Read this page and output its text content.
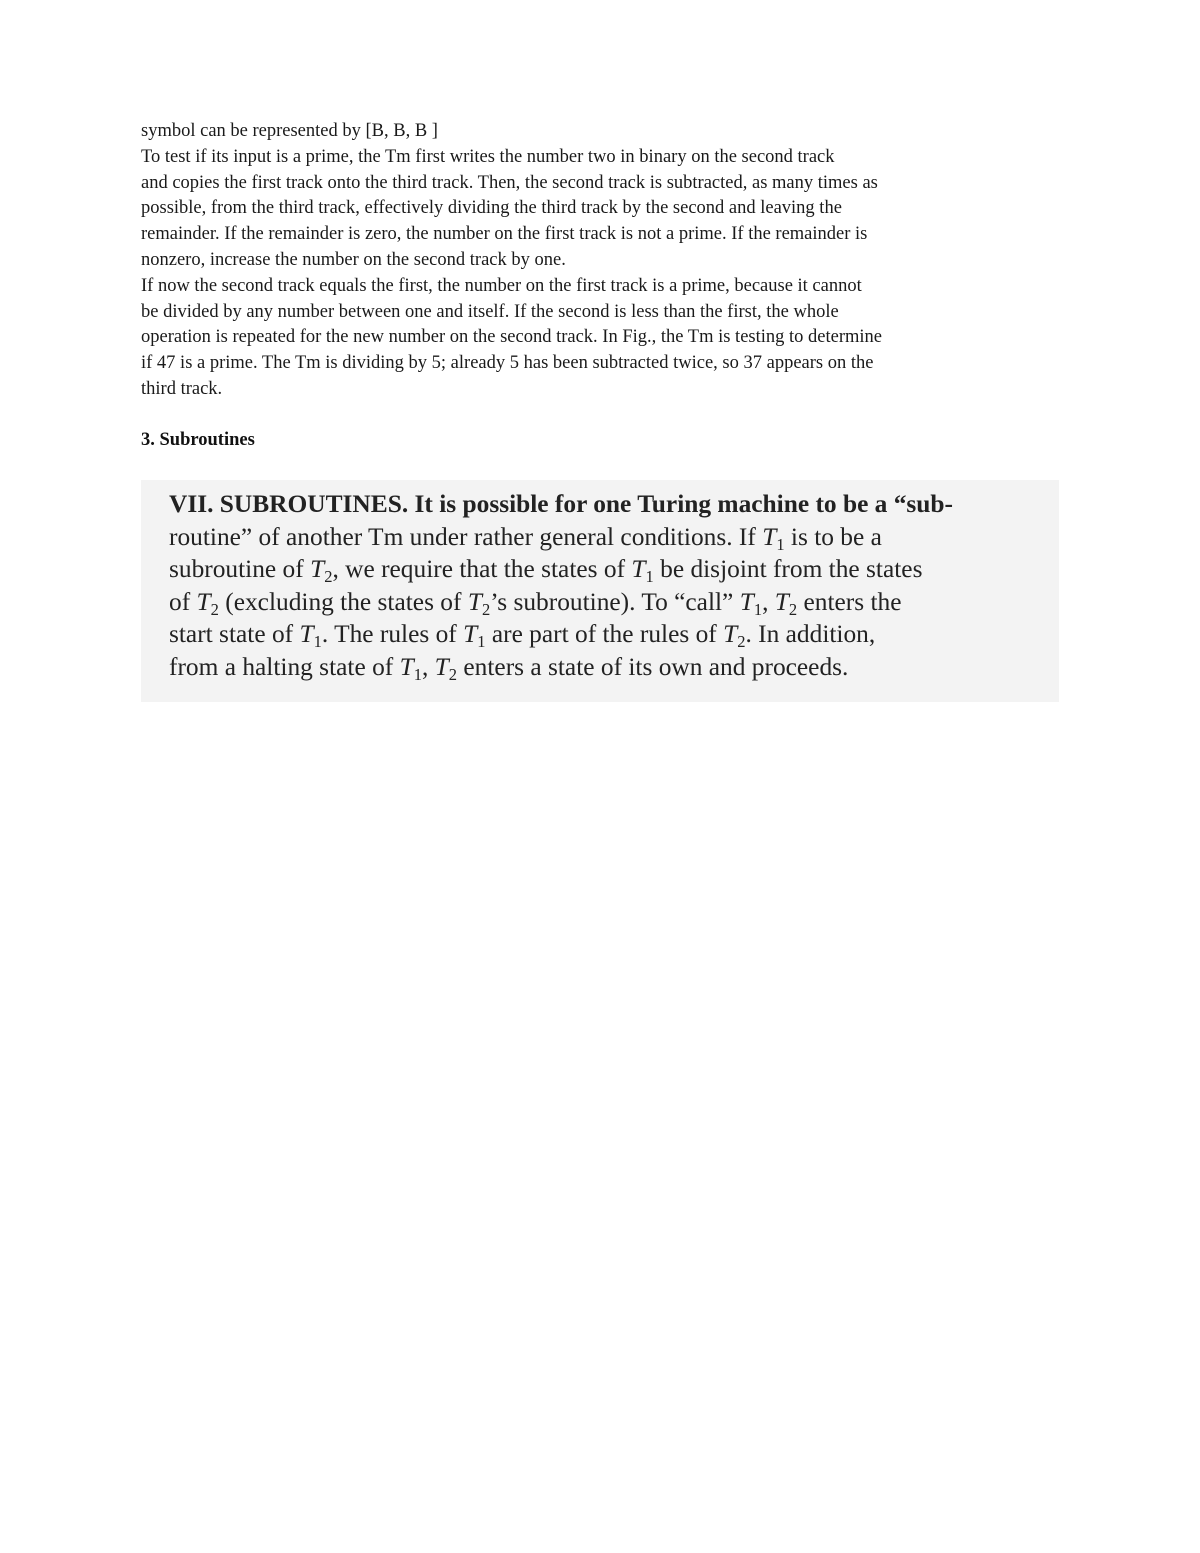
symbol can be represented by [B, B, B ]
To test if its input is a prime, the Tm first writes the number two in binary on the second track
and copies the first track onto the third track. Then, the second track is subtracted, as many times as
possible, from the third track, effectively dividing the third track by the second and leaving the
remainder. If the remainder is zero, the number on the first track is not a prime. If the remainder is
nonzero, increase the number on the second track by one.
If now the second track equals the first, the number on the first track is a prime, because it cannot
be divided by any number between one and itself. If the second is less than the first, the whole
operation is repeated for the new number on the second track. In Fig., the Tm is testing to determine
if 47 is a prime. The Tm is dividing by 5; already 5 has been subtracted twice, so 37 appears on the
third track.
3. Subroutines
VII. SUBROUTINES. It is possible for one Turing machine to be a “sub-
routine” of another Tm under rather general conditions. If $T_1$ is to be a
subroutine of $T_2$, we require that the states of $T_1$ be disjoint from the states
of $T_2$ (excluding the states of $T_2’s$ subroutine). To “call” $T_1$, $T_2$ enters the
start state of $T_1$. The rules of $T_1$ are part of the rules of $T_2$. In addition,
from a halting state of $T_1$, $T_2$ enters a state of its own and proceeds.
